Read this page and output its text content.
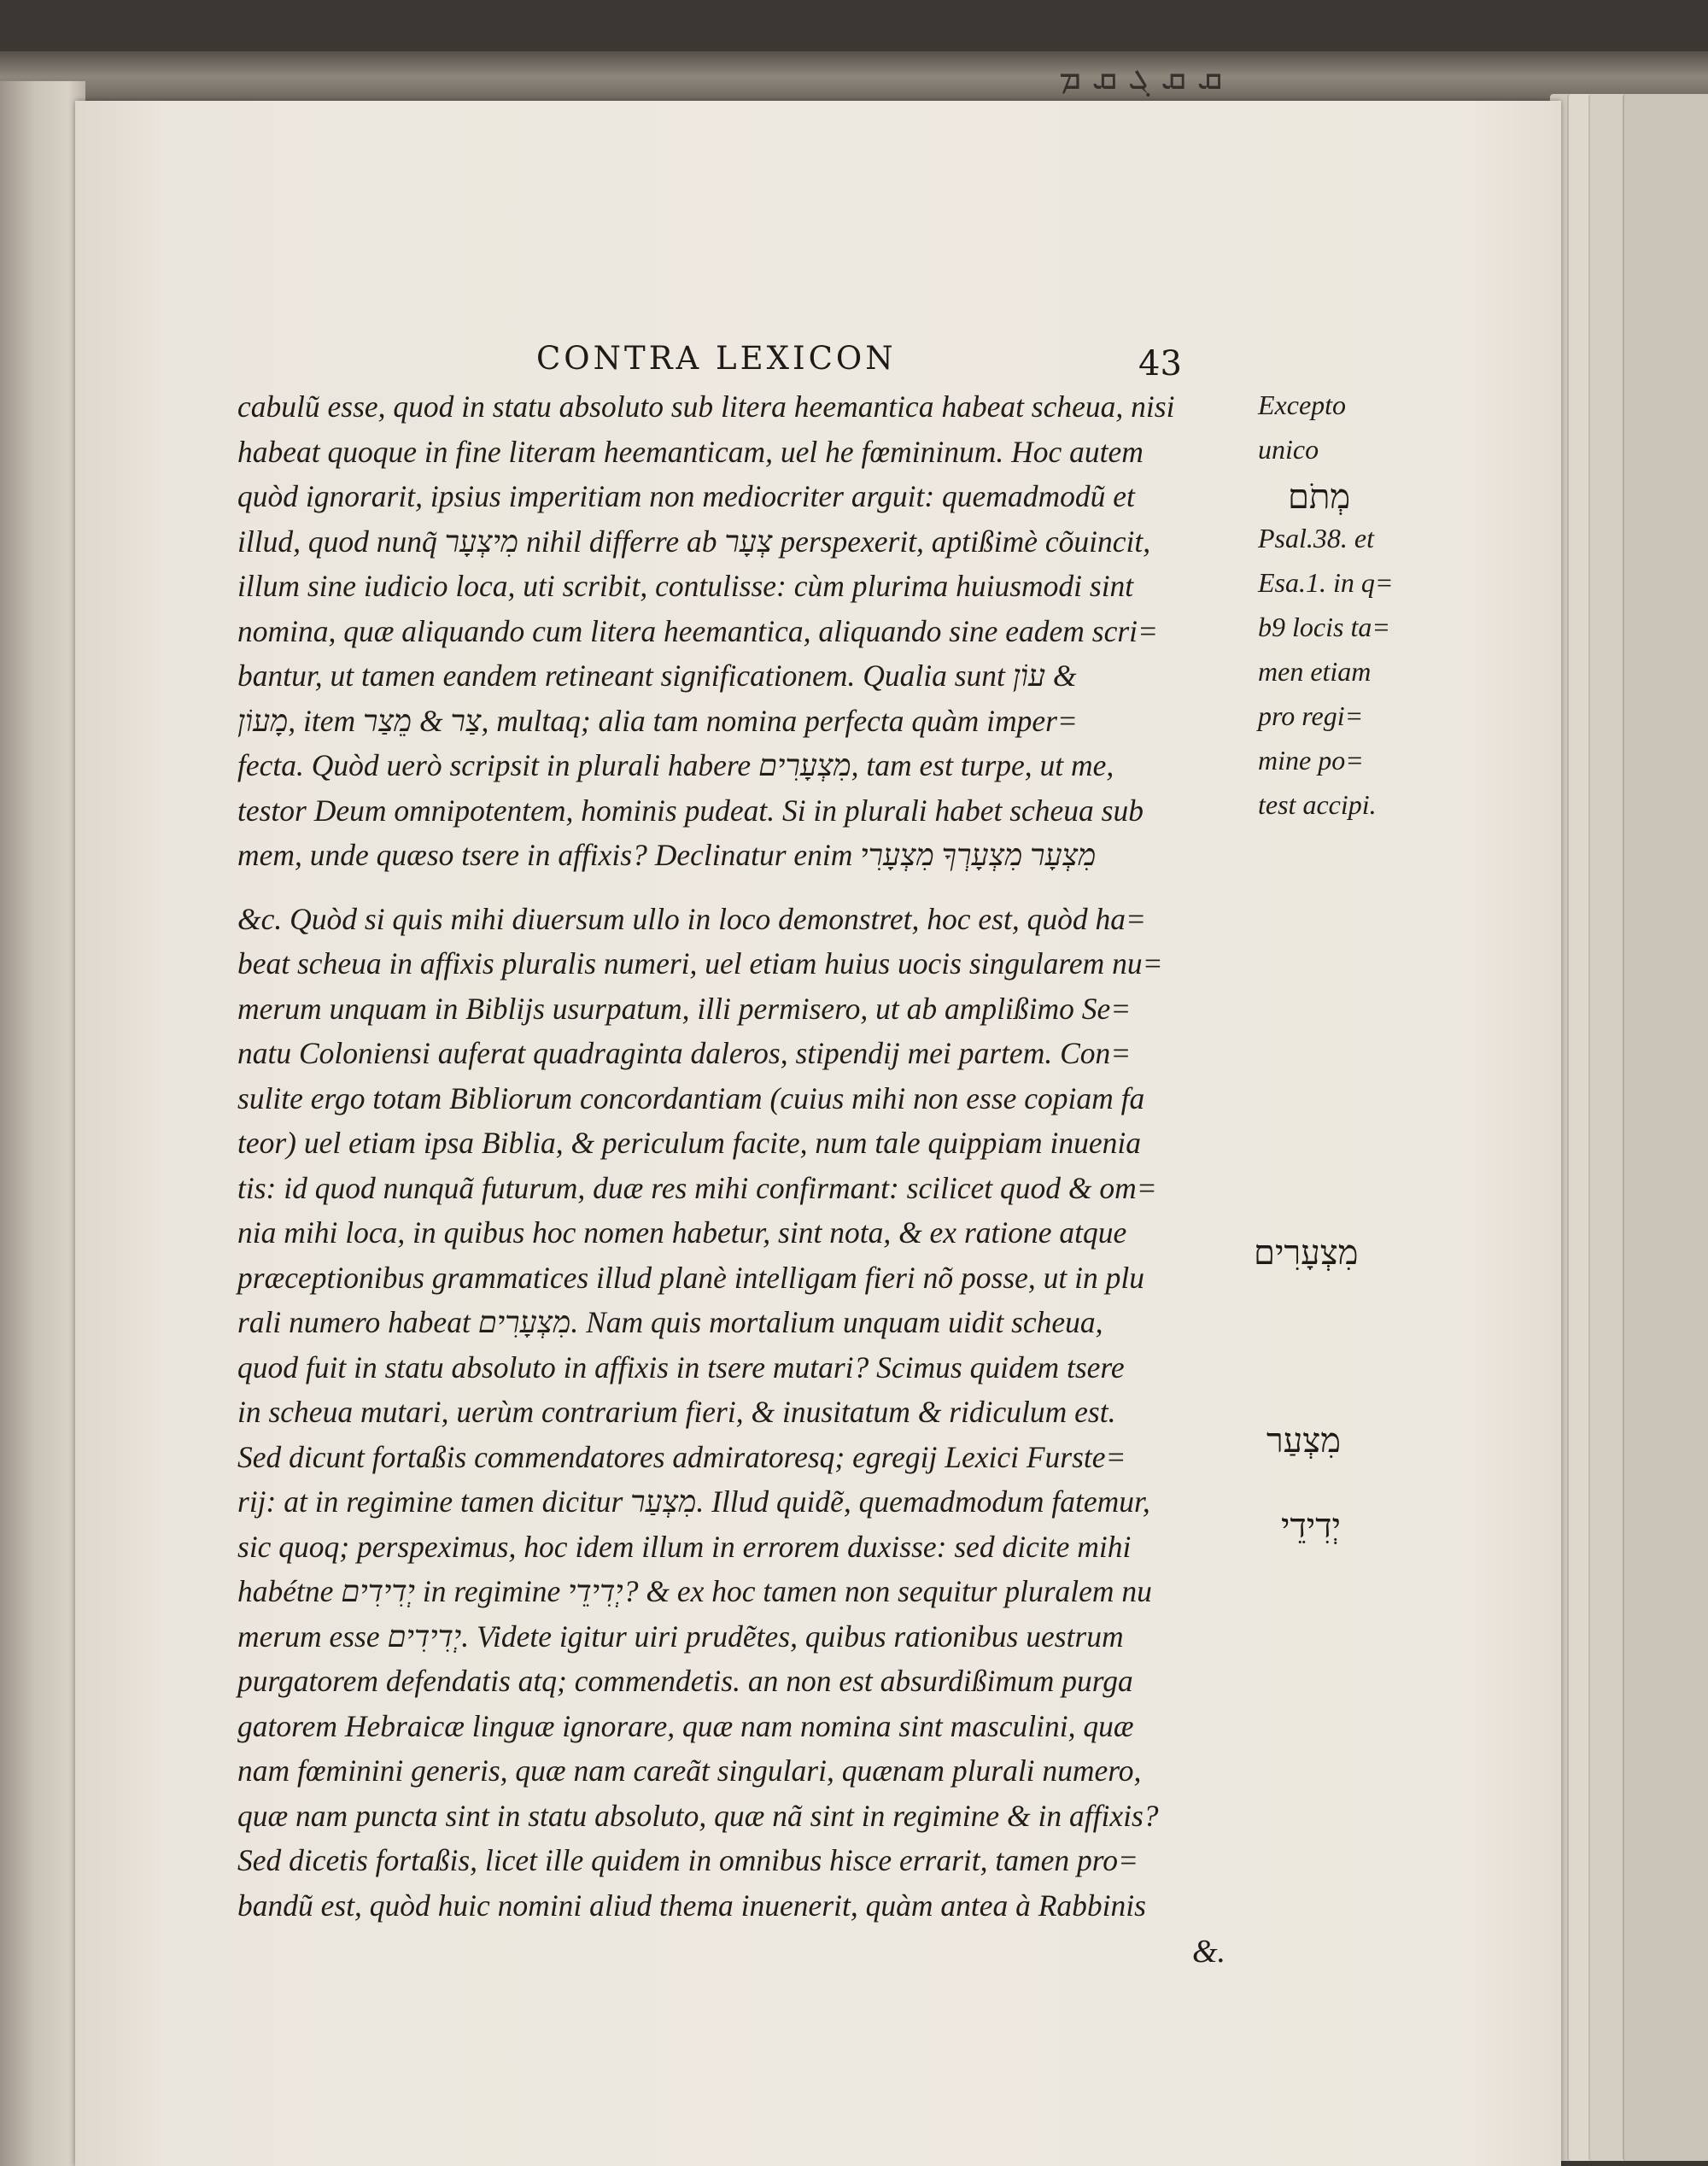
ܩ ܩ ܓ ܩ ܡ
CONTRA LEXICON	43
cabulũ esse, quod in statu absoluto sub litera heemantica habeat scheua, nisi
habeat quoque in fine literam heemanticam, uel he fœmininum. Hoc autem
quòd ignorarit, ipsius imperitiam non mediocriter arguit: quemadmodũ et
illud, quod nunq̃ מִיצְעָר nihil differre ab צְעָר perspexerit, aptißimè cõuincit,
illum sine iudicio loca, uti scribit, contulisse: cùm plurima huiusmodi sint
nomina, quæ aliquando cum litera heemantica, aliquando sine eadem scri=
bantur, ut tamen eandem retineant significationem. Qualia sunt עוֹן &
מָעוֹן, item צַר & מֵצַר, multaq; alia tam nomina perfecta quàm imper=
fecta. Quòd uerò scripsit in plurali habere מִצְעָרִים, tam est turpe, ut me,
testor Deum omnipotentem, hominis pudeat. Si in plurali habet scheua sub
mem, unde quæso tsere in affixis? Declinatur enim מִצְעָר מִצְעָרְךָ מִצְעָרִי
&c. Quòd si quis mihi diuersum ullo in loco demonstret, hoc est, quòd ha=
beat scheua in affixis pluralis numeri, uel etiam huius uocis singularem nu=
merum unquam in Biblijs usurpatum, illi permisero, ut ab amplißimo Se=
natu Coloniensi auferat quadraginta daleros, stipendij mei partem. Con=
sulite ergo totam Bibliorum concordantiam (cuius mihi non esse copiam fa
teor) uel etiam ipsa Biblia, & periculum facite, num tale quippiam inuenia
tis: id quod nunquã futurum, duæ res mihi confirmant: scilicet quod & om=
nia mihi loca, in quibus hoc nomen habetur, sint nota, & ex ratione atque
præceptionibus grammatices illud planè intelligam fieri nõ posse, ut in plu
rali numero habeat מִצְעָרִים. Nam quis mortalium unquam uidit scheua,
quod fuit in statu absoluto in affixis in tsere mutari? Scimus quidem tsere
in scheua mutari, uerùm contrarium fieri, & inusitatum & ridiculum est.
Sed dicunt fortaßis commendatores admiratoresq; egregij Lexici Furste=
rij: at in regimine tamen dicitur מִצְעַר. Illud quidẽ, quemadmodum fatemur,
sic quoq; perspeximus, hoc idem illum in errorem duxisse: sed dicite mihi
habétne יְדִידִים in regimine יְדִידֵי? & ex hoc tamen non sequitur pluralem nu
merum esse יְדִידִים. Videte igitur uiri prudẽtes, quibus rationibus uestrum
purgatorem defendatis atq; commendetis. an non est absurdißimum purga
gatorem Hebraicæ linguæ ignorare, quæ nam nomina sint masculini, quæ
nam fœminini generis, quæ nam careãt singulari, quænam plurali numero,
quæ nam puncta sint in statu absoluto, quæ nã sint in regimine & in affixis?
Sed dicetis fortaßis, licet ille quidem in omnibus hisce errarit, tamen pro=
bandũ est, quòd huic nomini aliud thema inuenerit, quàm antea à Rabbinis
&.
Excepto
unico
Psal.38. et
Esa.1. in q=
b9 locis ta=
men etiam
pro regi=
mine po=
test accipi.
מְתֹם
מִצְעָרִים
מִצְעַר
יְדִידֵי
